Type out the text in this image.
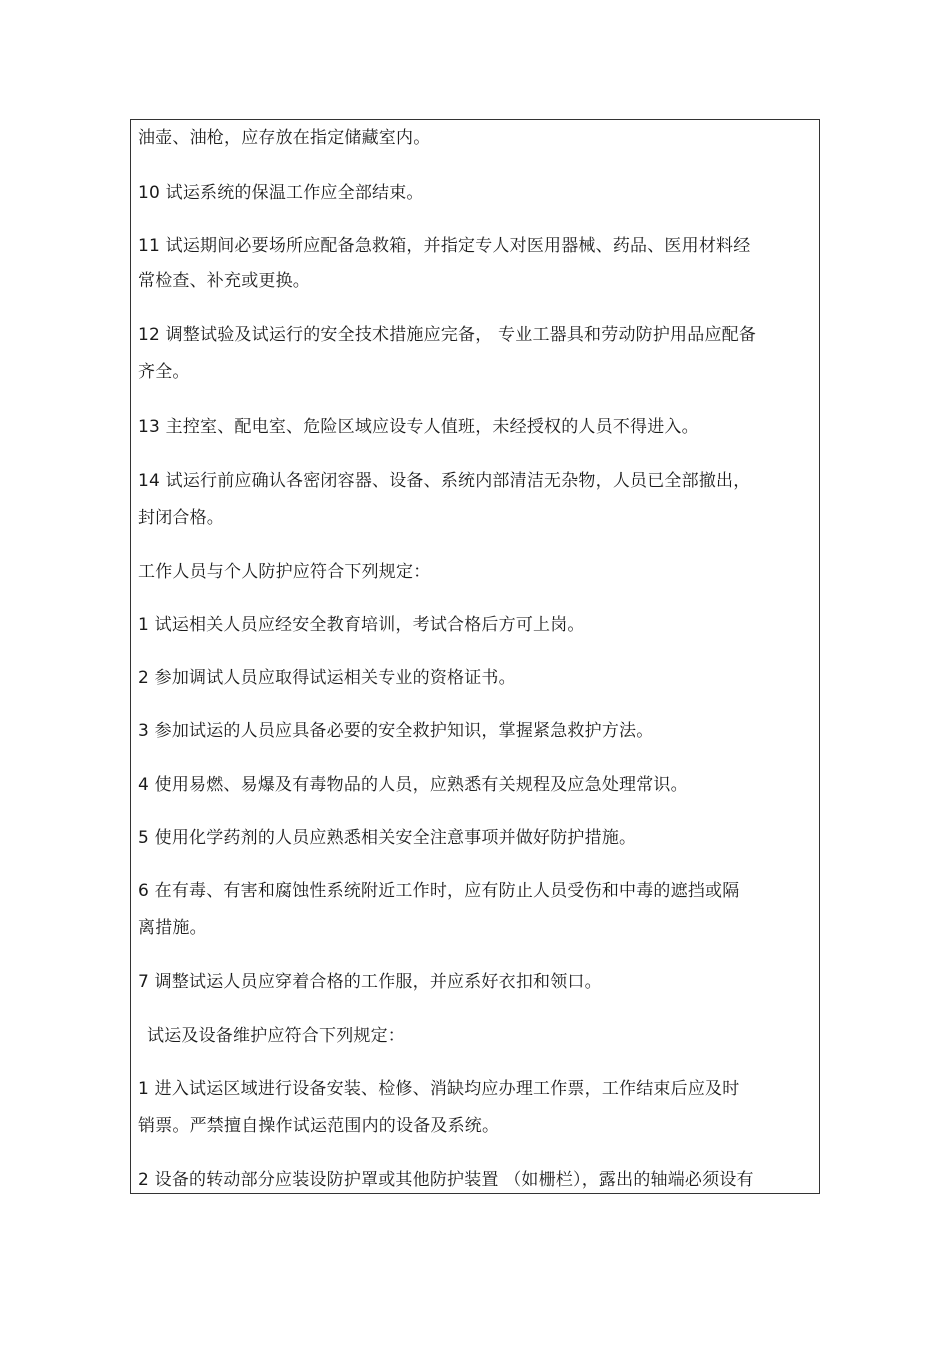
油壶、油枪，应存放在指定储藏室内。
10 试运系统的保温工作应全部结束。
11 试运期间必要场所应配备急救箱，并指定专人对医用器械、药品、医用材料经
常检查、补充或更换。
12 调整试验及试运行的安全技术措施应完备， 专业工器具和劳动防护用品应配备
齐全。
13 主控室、配电室、危险区域应设专人值班，未经授权的人员不得进入。
14 试运行前应确认各密闭容器、设备、系统内部清洁无杂物，人员已全部撤出，
封闭合格。
工作人员与个人防护应符合下列规定：
1 试运相关人员应经安全教育培训，考试合格后方可上岗。
2 参加调试人员应取得试运相关专业的资格证书。
3 参加试运的人员应具备必要的安全救护知识，掌握紧急救护方法。
4 使用易燃、易爆及有毒物品的人员，应熟悉有关规程及应急处理常识。
5 使用化学药剂的人员应熟悉相关安全注意事项并做好防护措施。
6 在有毒、有害和腐蚀性系统附近工作时，应有防止人员受伤和中毒的遮挡或隔
离措施。
7 调整试运人员应穿着合格的工作服，并应系好衣扣和领口。
试运及设备维护应符合下列规定：
1 进入试运区域进行设备安装、检修、消缺均应办理工作票，工作结束后应及时
销票。严禁擅自操作试运范围内的设备及系统。
2 设备的转动部分应装设防护罩或其他防护装置 （如栅栏），露出的轴端必须设有
